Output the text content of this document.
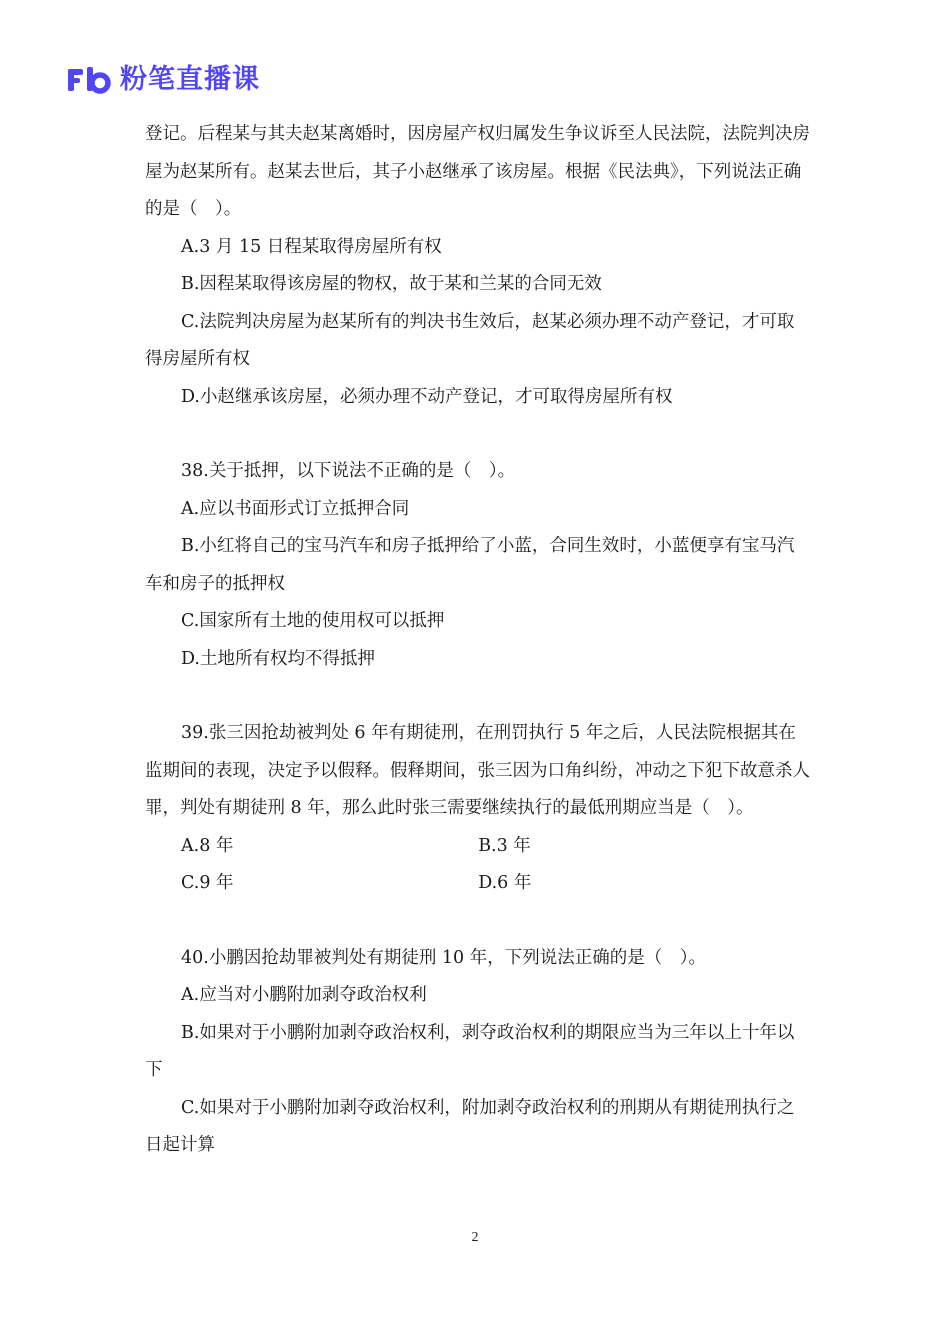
粉笔直播课

登记。后程某与其夫赵某离婚时，因房屋产权归属发生争议诉至人民法院，法院判决房屋为赵某所有。赵某去世后，其子小赵继承了该房屋。根据《民法典》，下列说法正确的是（　）。

A.3 月 15 日程某取得房屋所有权

B.因程某取得该房屋的物权，故于某和兰某的合同无效

C.法院判决房屋为赵某所有的判决书生效后，赵某必须办理不动产登记，才可取得房屋所有权

D.小赵继承该房屋，必须办理不动产登记，才可取得房屋所有权

38.关于抵押，以下说法不正确的是（　）。

A.应以书面形式订立抵押合同

B.小红将自己的宝马汽车和房子抵押给了小蓝，合同生效时，小蓝便享有宝马汽车和房子的抵押权

C.国家所有土地的使用权可以抵押

D.土地所有权均不得抵押

39.张三因抢劫被判处 6 年有期徒刑，在刑罚执行 5 年之后，人民法院根据其在监期间的表现，决定予以假释。假释期间，张三因为口角纠纷，冲动之下犯下故意杀人罪，判处有期徒刑 8 年，那么此时张三需要继续执行的最低刑期应当是（　）。

A.8 年	B.3 年
C.9 年	D.6 年

40.小鹏因抢劫罪被判处有期徒刑 10 年，下列说法正确的是（　）。

A.应当对小鹏附加剥夺政治权利

B.如果对于小鹏附加剥夺政治权利，剥夺政治权利的期限应当为三年以上十年以下

C.如果对于小鹏附加剥夺政治权利，附加剥夺政治权利的刑期从有期徒刑执行之日起计算

2
